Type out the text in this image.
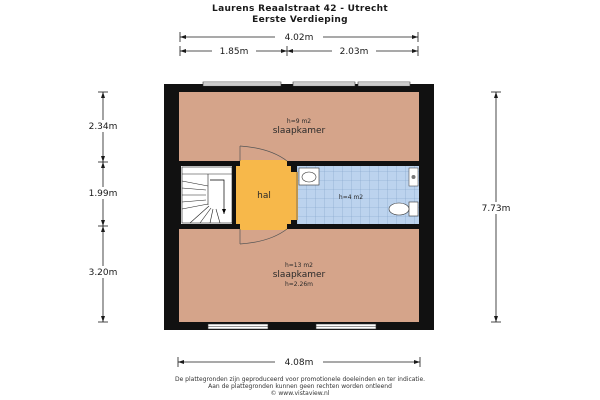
Laurens Reaalstraat 42 - Utrecht
Eerste Verdieping
4.02m
1.85m	2.03m
2.34m
1.99m
3.20m
7.73m
4.08m
h=9 m2
slaapkamer
hal	h=4 m2
h=13 m2
slaapkamer
h=2.26m
De plattegronden zijn geproduceerd voor promotionele doeleinden en ter indicatie.
Aan de plattegronden kunnen geen rechten worden ontleend
© www.vistaview.nl
